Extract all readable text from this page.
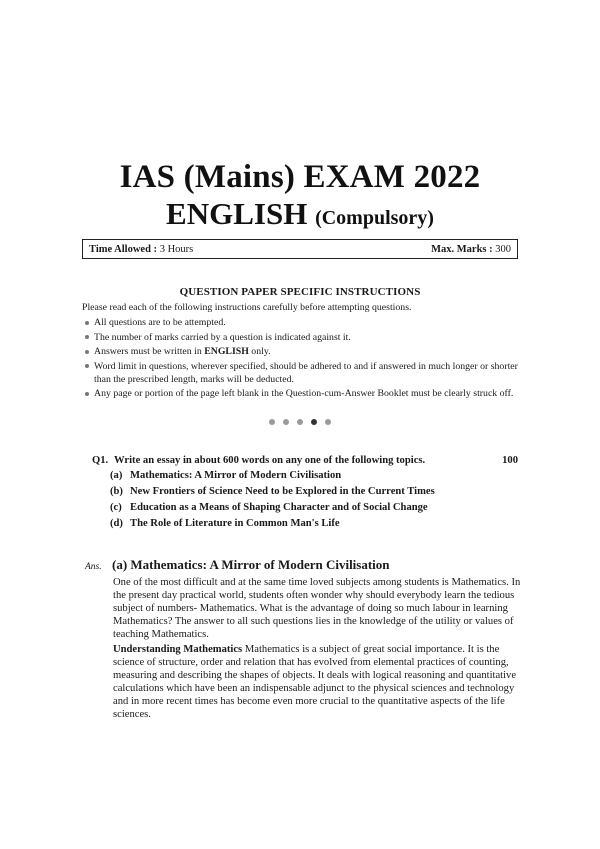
IAS (Mains) EXAM 2022
ENGLISH (Compulsory)
Time Allowed : 3 Hours	Max. Marks : 300
QUESTION PAPER SPECIFIC INSTRUCTIONS

Please read each of the following instructions carefully before attempting questions.

All questions are to be attempted.
The number of marks carried by a question is indicated against it.
Answers must be written in ENGLISH only.
Word limit in questions, wherever specified, should be adhered to and if answered in much longer or shorter than the prescribed length, marks will be deducted.
Any page or portion of the page left blank in the Question-cum-Answer Booklet must be clearly struck off.
Q1. Write an essay in about 600 words on any one of the following topics.	100
(a) Mathematics: A Mirror of Modern Civilisation
(b) New Frontiers of Science Need to be Explored in the Current Times
(c) Education as a Means of Shaping Character and of Social Change
(d) The Role of Literature in Common Man's Life
Ans. (a) Mathematics: A Mirror of Modern Civilisation

One of the most difficult and at the same time loved subjects among students is Mathematics. In the present day practical world, students often wonder why should everybody learn the tedious subject of numbers- Mathematics. What is the advantage of doing so much labour in learning Mathematics? The answer to all such questions lies in the knowledge of the utility or values of teaching Mathematics.

Understanding Mathematics Mathematics is a subject of great social importance. It is the science of structure, order and relation that has evolved from elemental practices of counting, measuring and describing the shapes of objects. It deals with logical reasoning and quantitative calculations which have been an indispensable adjunct to the physical sciences and technology and in more recent times has become even more crucial to the quantitative aspects of the life sciences.
